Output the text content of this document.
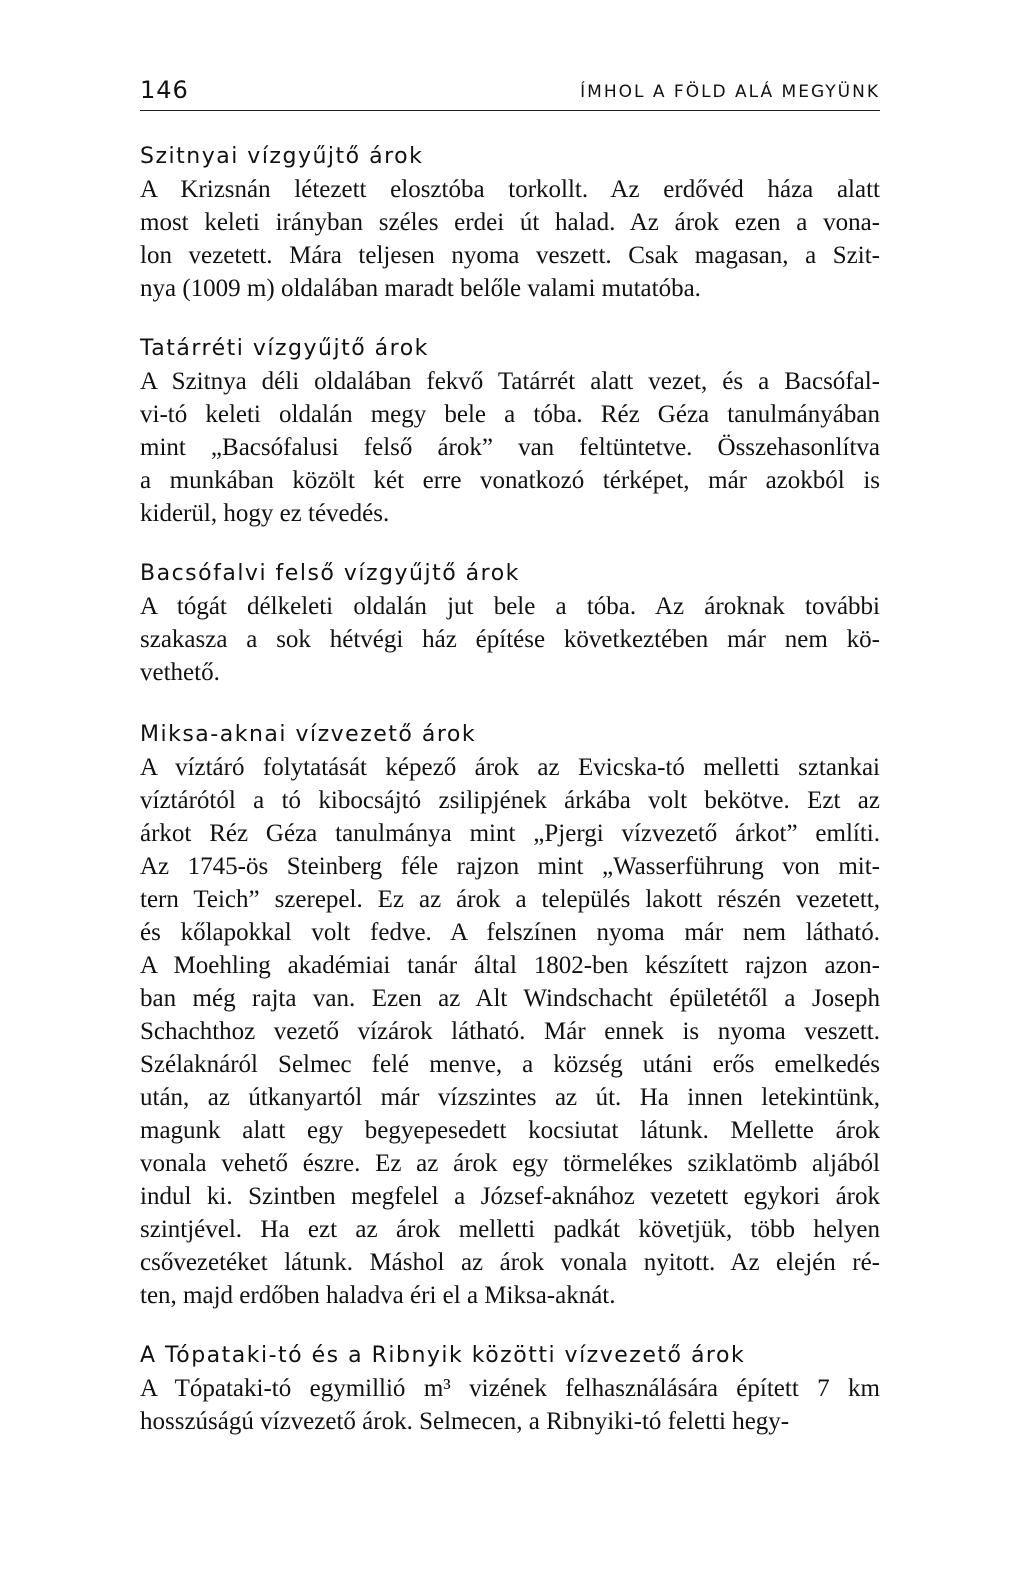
146	ÍMHOL A FÖLD ALÁ MEGYÜNK
Szitnyai vízgyűjtő árok
A Krizsnán létezett elosztóba torkollt. Az erdővéd háza alatt
most keleti irányban széles erdei út halad. Az árok ezen a vona-
lon vezetett. Mára teljesen nyoma veszett. Csak magasan, a Szit-
nya (1009 m) oldalában maradt belőle valami mutatóba.
Tatárréti vízgyűjtő árok
A Szitnya déli oldalában fekvő Tatárrét alatt vezet, és a Bacsófal-
vi-tó keleti oldalán megy bele a tóba. Réz Géza tanulmányában
mint „Bacsófalusi felső árok” van feltüntetve. Összehasonlítva
a munkában közölt két erre vonatkozó térképet, már azokból is
kiderül, hogy ez tévedés.
Bacsófalvi felső vízgyűjtő árok
A tógát délkeleti oldalán jut bele a tóba. Az ároknak további
szakasza a sok hétvégi ház építése következtében már nem kö-
vethető.
Miksa-aknai vízvezető árok
A víztáró folytatását képező árok az Evicska-tó melletti sztankai
víztárótól a tó kibocsájtó zsilipjének árkába volt bekötve. Ezt az
árkot Réz Géza tanulmánya mint „Pjergi vízvezető árkot” említi.
Az 1745-ös Steinberg féle rajzon mint „Wasserführung von mit-
tern Teich” szerepel. Ez az árok a település lakott részén vezetett,
és kőlapokkal volt fedve. A felszínen nyoma már nem látható.
A Moehling akadémiai tanár által 1802-ben készített rajzon azon-
ban még rajta van. Ezen az Alt Windschacht épületétől a Joseph
Schachthoz vezető vízárok látható. Már ennek is nyoma veszett.
Szélaknáról Selmec felé menve, a község utáni erős emelkedés
után, az útkanyartól már vízszintes az út. Ha innen letekintünk,
magunk alatt egy begyepesedett kocsiutat látunk. Mellette árok
vonala vehető észre. Ez az árok egy törmelékes sziklatömb aljából
indul ki. Szintben megfelel a József-aknához vezetett egykori árok
szintjével. Ha ezt az árok melletti padkát követjük, több helyen
csővezetéket látunk. Máshol az árok vonala nyitott. Az elején ré-
ten, majd erdőben haladva éri el a Miksa-aknát.
A Tópataki-tó és a Ribnyik közötti vízvezető árok
A Tópataki-tó egymillió m³ vizének felhasználására épített 7 km
hosszúságú vízvezető árok. Selmecen, a Ribnyiki-tó feletti hegy-
